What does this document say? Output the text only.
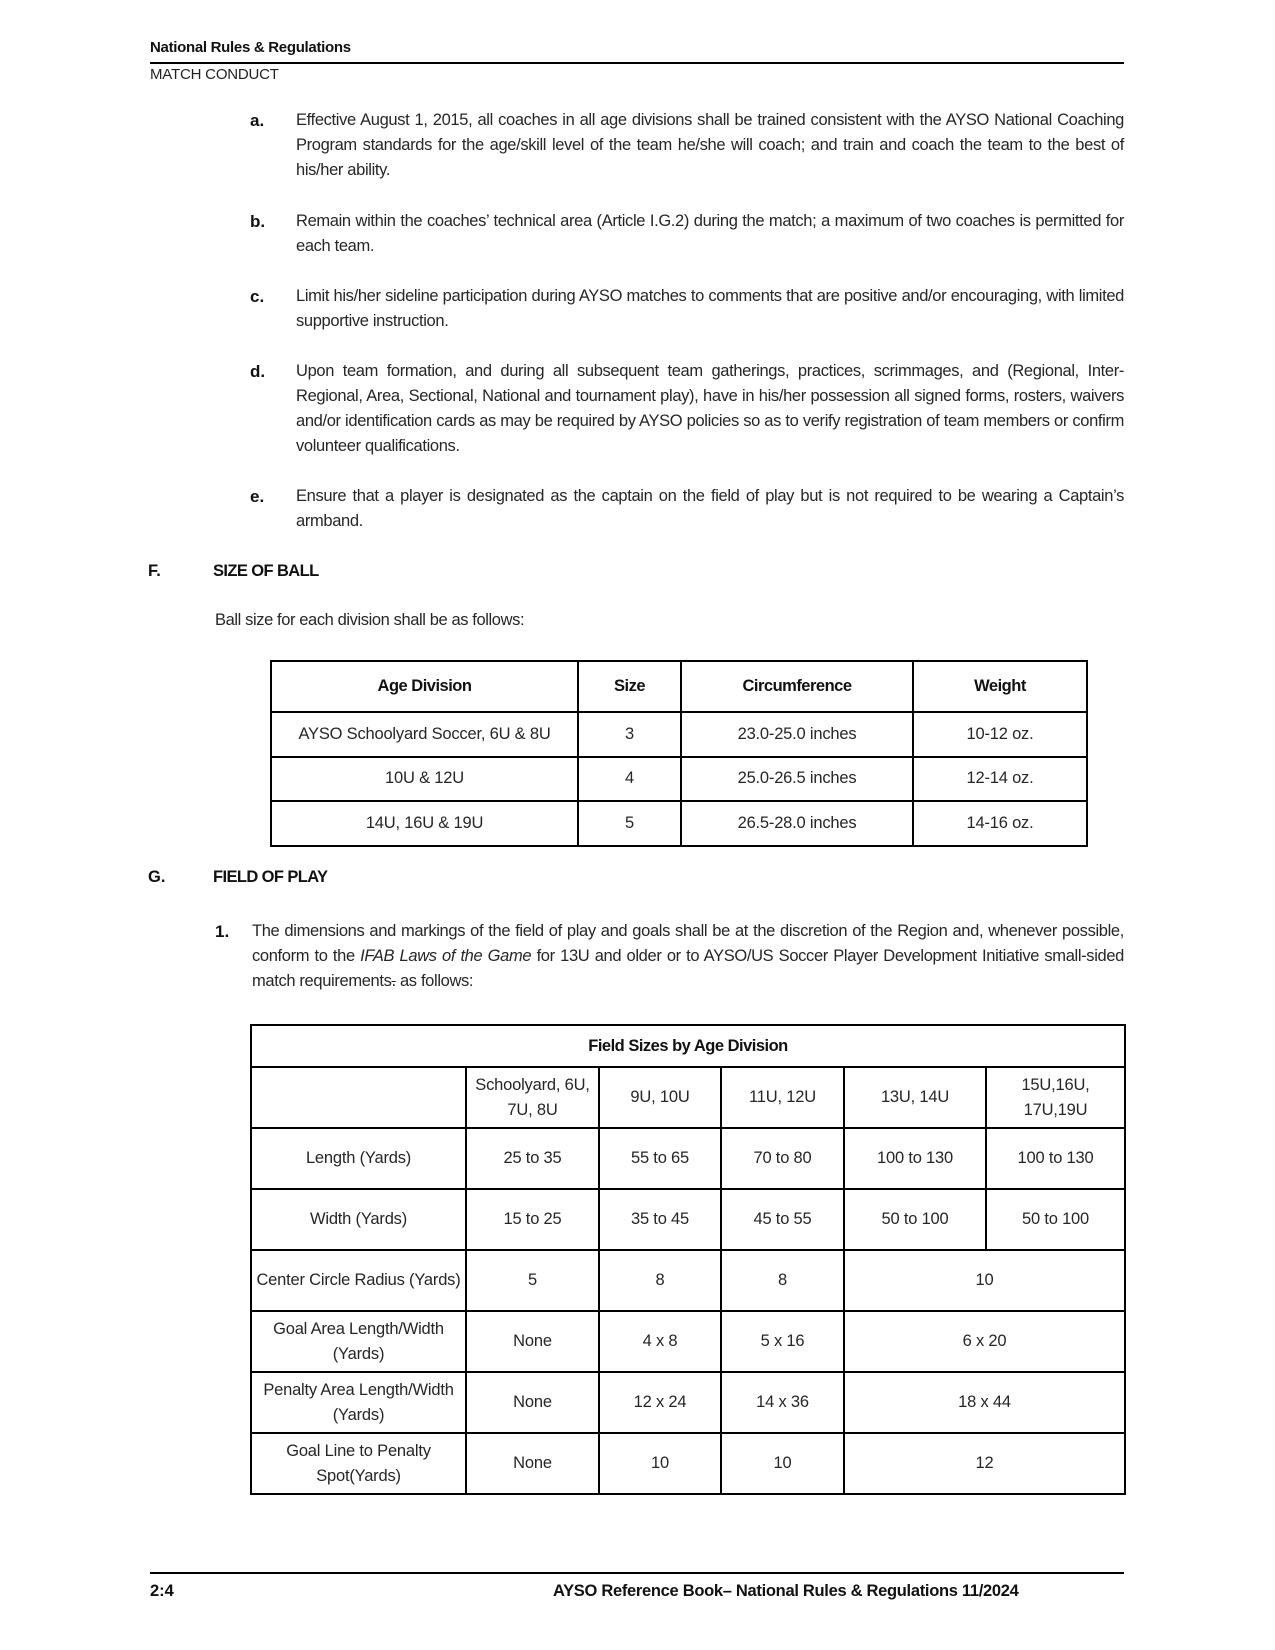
National Rules & Regulations
MATCH CONDUCT
a. Effective August 1, 2015, all coaches in all age divisions shall be trained consistent with the AYSO National Coaching Program standards for the age/skill level of the team he/she will coach; and train and coach the team to the best of his/her ability.
b. Remain within the coaches’ technical area (Article I.G.2) during the match; a maximum of two coaches is permitted for each team.
c. Limit his/her sideline participation during AYSO matches to comments that are positive and/or encouraging, with limited supportive instruction.
d. Upon team formation, and during all subsequent team gatherings, practices, scrimmages, and (Regional, Inter-Regional, Area, Sectional, National and tournament play), have in his/her possession all signed forms, rosters, waivers and/or identification cards as may be required by AYSO policies so as to verify registration of team members or confirm volunteer qualifications.
e. Ensure that a player is designated as the captain on the field of play but is not required to be wearing a Captain’s armband.
F.	SIZE OF BALL
Ball size for each division shall be as follows:
Age Division	Size	Circumference	Weight
AYSO Schoolyard Soccer, 6U & 8U	3	23.0-25.0 inches	10-12 oz.
10U & 12U	4	25.0-26.5 inches	12-14 oz.
14U, 16U & 19U	5	26.5-28.0 inches	14-16 oz.
G.	FIELD OF PLAY
1. The dimensions and markings of the field of play and goals shall be at the discretion of the Region and, whenever possible, conform to the IFAB Laws of the Game for 13U and older or to AYSO/US Soccer Player Development Initiative small-sided match requirements. as follows:
Field Sizes by Age Division					
	Schoolyard, 6U, 7U, 8U	9U, 10U	11U, 12U	13U, 14U	15U,16U, 17U,19U
Length (Yards)	25 to 35	55 to 65	70 to 80	100 to 130	100 to 130
Width (Yards)	15 to 25	35 to 45	45 to 55	50 to 100	50 to 100
Center Circle Radius (Yards)	5	8	8	10	
Goal Area Length/Width (Yards)	None	4 x 8	5 x 16	6 x 20	
Penalty Area Length/Width (Yards)	None	12 x 24	14 x 36	18 x 44	
Goal Line to Penalty Spot(Yards)	None	10	10	12	
2:4	AYSO Reference Book– National Rules & Regulations 11/2024
